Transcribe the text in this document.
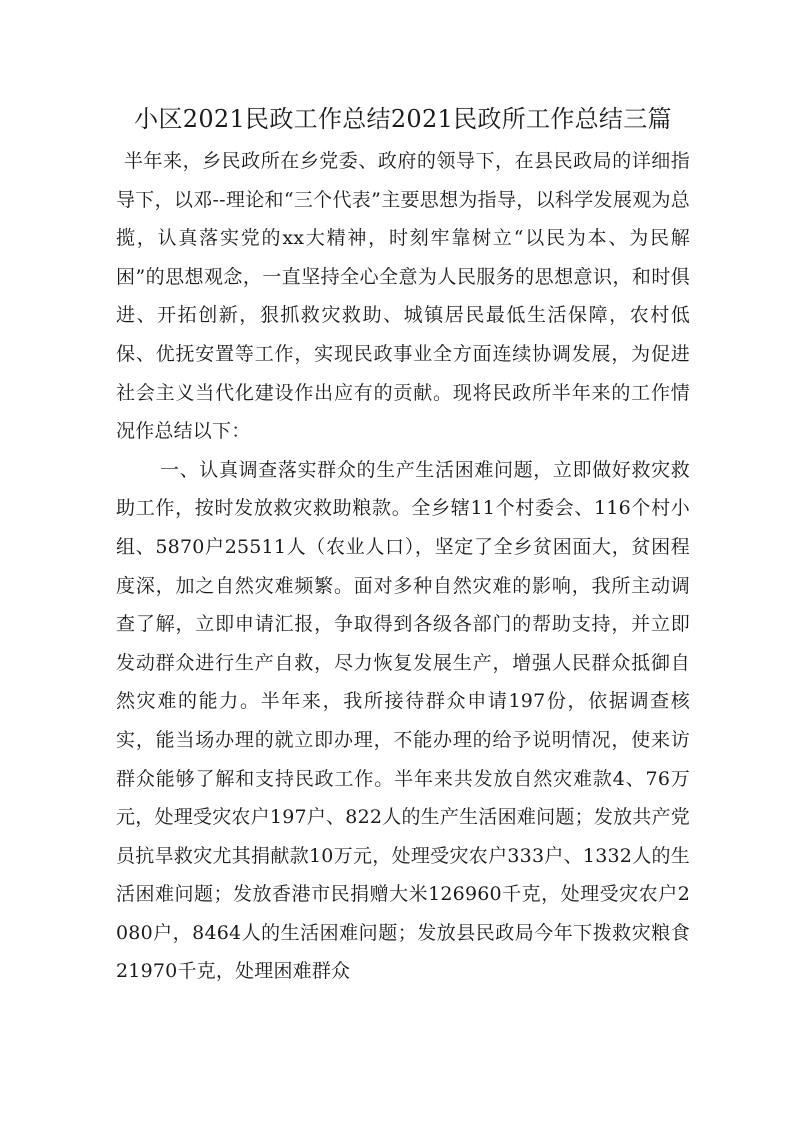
小区2021民政工作总结2021民政所工作总结三篇

半年来，乡民政所在乡党委、政府的领导下，在县民政局的详细指导下，以邓--理论和“三个代表”主要思想为指导，以科学发展观为总揽，认真落实党的xx大精神，时刻牢靠树立“以民为本、为民解困”的思想观念，一直坚持全心全意为人民服务的思想意识，和时俱进、开拓创新，狠抓救灾救助、城镇居民最低生活保障，农村低保、优抚安置等工作，实现民政事业全方面连续协调发展，为促进社会主义当代化建设作出应有的贡献。现将民政所半年来的工作情况作总结以下：

一、认真调查落实群众的生产生活困难问题，立即做好救灾救助工作，按时发放救灾救助粮款。全乡辖11个村委会、116个村小组、5870户25511人（农业人口），坚定了全乡贫困面大，贫困程度深，加之自然灾难频繁。面对多种自然灾难的影响，我所主动调查了解，立即申请汇报，争取得到各级各部门的帮助支持，并立即发动群众进行生产自救，尽力恢复发展生产，增强人民群众抵御自然灾难的能力。半年来，我所接待群众申请197份，依据调查核实，能当场办理的就立即办理，不能办理的给予说明情况，使来访群众能够了解和支持民政工作。半年来共发放自然灾难款4、76万元，处理受灾农户197户、822人的生产生活困难问题；发放共产党员抗旱救灾尤其捐献款10万元，处理受灾农户333户、1332人的生活困难问题；发放香港市民捐赠大米126960千克，处理受灾农户2080户，8464人的生活困难问题；发放县民政局今年下拨救灾粮食21970千克，处理困难群众
